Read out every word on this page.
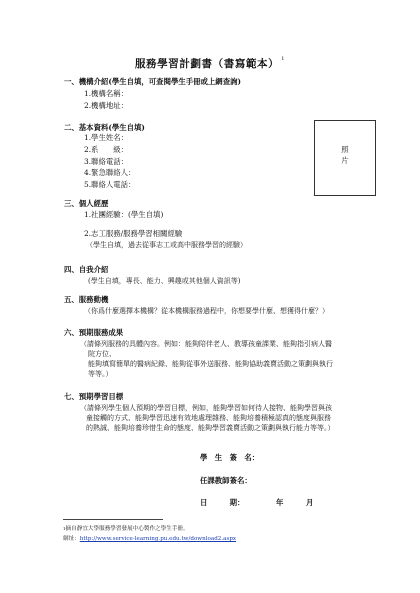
服務學習計劃書（書寫範本） $^1$
照
片
一、機構介紹(學生自填，可查閱學生手冊或上網查詢)
1.機構名稱：
2.機構地址：
二、基本資料(學生自填)
1.學生姓名：
2.系　　級：
3.聯絡電話：
4.緊急聯絡人：
5.聯絡人電話：
三、個人經歷
1.社團經驗：(學生自填)
2.志工服務/服務學習相關經驗
（學生自填，過去從事志工或高中服務學習的經驗）
四、自我介紹
(學生自填，專長、能力、興趣或其他個人資訊等)
五、服務動機
（你爲什麼選擇本機構？從本機構服務過程中，你想要學什麼、想獲得什麼？）
六、預期服務成果
（請條列服務的具體內容。例如：能夠陪伴老人、教導孩童課業、能夠指引病人醫
院方位、
能夠填寫簡單的醫病紀錄、能夠從事外送服務、能夠協助義賣活動之策劃與執行
等等。）
七、預期學習目標
（請條列學生個人預期的學習目標，例如，能夠學習如何待人接物、能夠學習與孩
童接觸的方式、能夠學習迅速有效地處理雜務、能夠培養積極認真的態度與服務
的熱誠、能夠培養珍惜生命的態度、能夠學習義賣活動之策劃與執行能力等等。）
學　生　簽　名：
任課教師簽名：
日　　　期：	年	月
$^1$摘自靜宜大學服務學習發展中心製作之學生手冊。
網址：http://www.service-learning.pu.edu.tw/download2.aspx
